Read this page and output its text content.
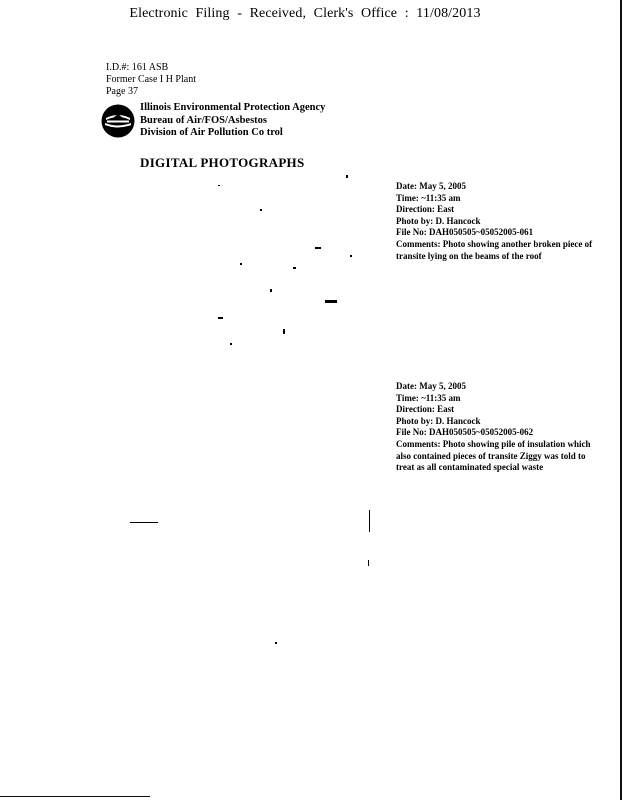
Electronic Filing - Received, Clerk's Office : 11/08/2013
I.D.#: 161 ASB
Former Case I H Plant
Page 37
Illinois Environmental Protection Agency
Bureau of Air/FOS/Asbestos
Division of Air Pollution Co trol
DIGITAL PHOTOGRAPHS
Date: May 5, 2005
Time: ~11:35 am
Direction: East
Photo by: D. Hancock
File No: DAH050505~05052005-061
Comments: Photo showing another broken piece of transite lying on the beams of the roof
Date: May 5, 2005
Time: ~11:35 am
Direction: East
Photo by: D. Hancock
File No: DAH050505~05052005-062
Comments: Photo showing pile of insulation which also contained pieces of transite Ziggy was told to treat as all contaminated special waste
